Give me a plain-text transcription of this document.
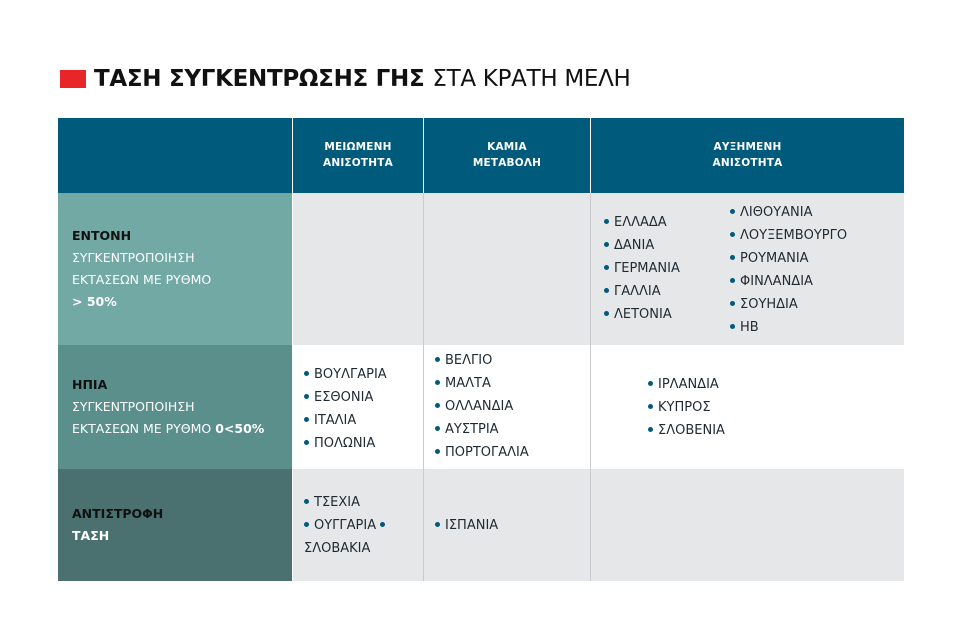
ΤΑΣΗ ΣΥΓΚΕΝΤΡΩΣΗΣ ΓΗΣ ΣΤΑ ΚΡΑΤΗ ΜΕΛΗ
ΜΕΙΩΜΕΝΗ ΑΝΙΣΟΤΗΤΑ
ΚΑΜΙΑ
ΜΕΤΑΒΟΛΗ
ΑΥΞΗΜΕΝΗ
ΑΝΙΣΟΤΗΤΑ
ΕΝΤΟΝΗ
ΣΥΓΚΕΝΤΡΟΠΟΙΗΣΗ
ΕΚΤΑΣΕΩΝ ΜΕ ΡΥΘΜΟ
> 50%
ΕΛΛΑΔΑ
ΔΑΝΙΑ
ΓΕΡΜΑΝΙΑ
ΓΑΛΛΙΑ
ΛΕΤΟΝΙΑ
ΛΙΘΟΥΑΝΙΑ
ΛΟΥΞΕΜΒΟΥΡΓΟ
ΡΟΥΜΑΝΙΑ
ΦΙΝΛΑΝΔΙΑ
ΣΟΥΗΔΙΑ
ΗΒ
ΗΠΙΑ
ΣΥΓΚΕΝΤΡΟΠΟΙΗΣΗ
ΕΚΤΑΣΕΩΝ ΜΕ ΡΥΘΜΟ 0<50%
ΒΟΥΛΓΑΡΙΑ
ΕΣΘΟΝΙΑ
ΙΤΑΛΙΑ
ΠΟΛΩΝΙΑ
ΒΕΛΓΙΟ
ΜΑΛΤΑ
ΟΛΛΑΝΔΙΑ
ΑΥΣΤΡΙΑ
ΠΟΡΤΟΓΑΛΙΑ
ΙΡΛΑΝΔΙΑ
ΚΥΠΡΟΣ
ΣΛΟΒΕΝΙΑ
ΑΝΤΙΣΤΡΟΦΗ
ΤΑΣΗ
ΤΣΕΧΙΑ
ΟΥΓΓΑΡΙΑ
ΣΛΟΒΑΚΙΑ
ΙΣΠΑΝΙΑ
